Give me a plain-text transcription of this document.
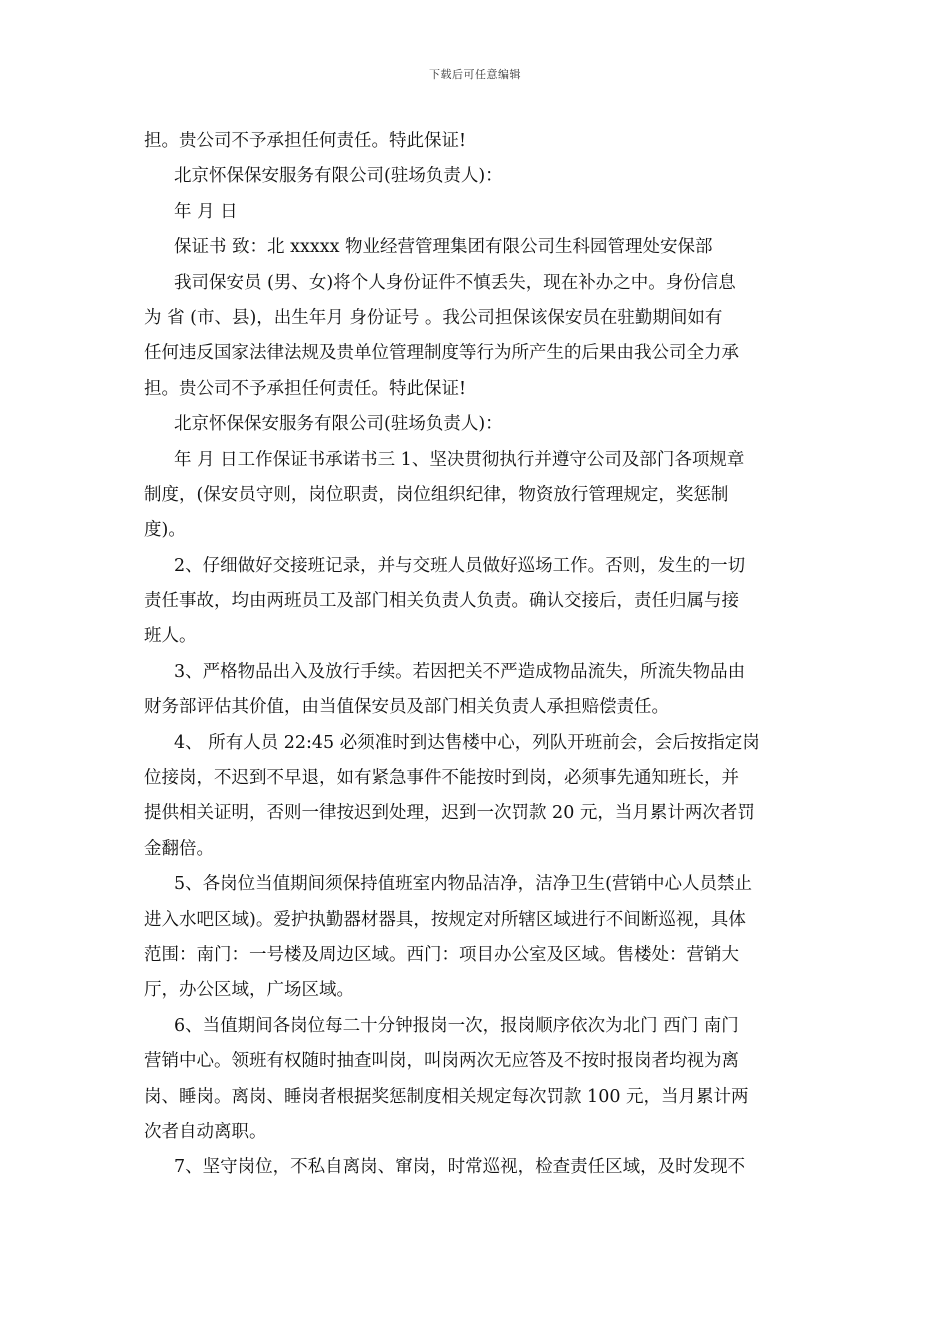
下载后可任意编辑
担。贵公司不予承担任何责任。特此保证!
北京怀保保安服务有限公司(驻场负责人)：
年 月 日
保证书 致：北 xxxxx 物业经营管理集团有限公司生科园管理处安保部
我司保安员 (男、女)将个人身份证件不慎丢失，现在补办之中。身份信息
为 省 (市、县)，出生年月 身份证号 。我公司担保该保安员在驻勤期间如有
任何违反国家法律法规及贵单位管理制度等行为所产生的后果由我公司全力承
担。贵公司不予承担任何责任。特此保证!
北京怀保保安服务有限公司(驻场负责人)：
年 月 日工作保证书承诺书三 1、坚决贯彻执行并遵守公司及部门各项规章
制度，(保安员守则，岗位职责，岗位组织纪律，物资放行管理规定，奖惩制
度)。
2、仔细做好交接班记录，并与交班人员做好巡场工作。否则，发生的一切
责任事故，均由两班员工及部门相关负责人负责。确认交接后，责任归属与接
班人。
3、严格物品出入及放行手续。若因把关不严造成物品流失，所流失物品由
财务部评估其价值，由当值保安员及部门相关负责人承担赔偿责任。
4、 所有人员 22:45 必须准时到达售楼中心，列队开班前会，会后按指定岗
位接岗，不迟到不早退，如有紧急事件不能按时到岗，必须事先通知班长，并
提供相关证明，否则一律按迟到处理，迟到一次罚款 20 元，当月累计两次者罚
金翻倍。
5、各岗位当值期间须保持值班室内物品洁净，洁净卫生(营销中心人员禁止
进入水吧区域)。爱护执勤器材器具，按规定对所辖区域进行不间断巡视，具体
范围：南门：一号楼及周边区域。西门：项目办公室及区域。售楼处：营销大
厅，办公区域，广场区域。
6、当值期间各岗位每二十分钟报岗一次，报岗顺序依次为北门 西门 南门
营销中心。领班有权随时抽查叫岗，叫岗两次无应答及不按时报岗者均视为离
岗、睡岗。离岗、睡岗者根据奖惩制度相关规定每次罚款 100 元，当月累计两
次者自动离职。
7、坚守岗位，不私自离岗、窜岗，时常巡视，检查责任区域，及时发现不
